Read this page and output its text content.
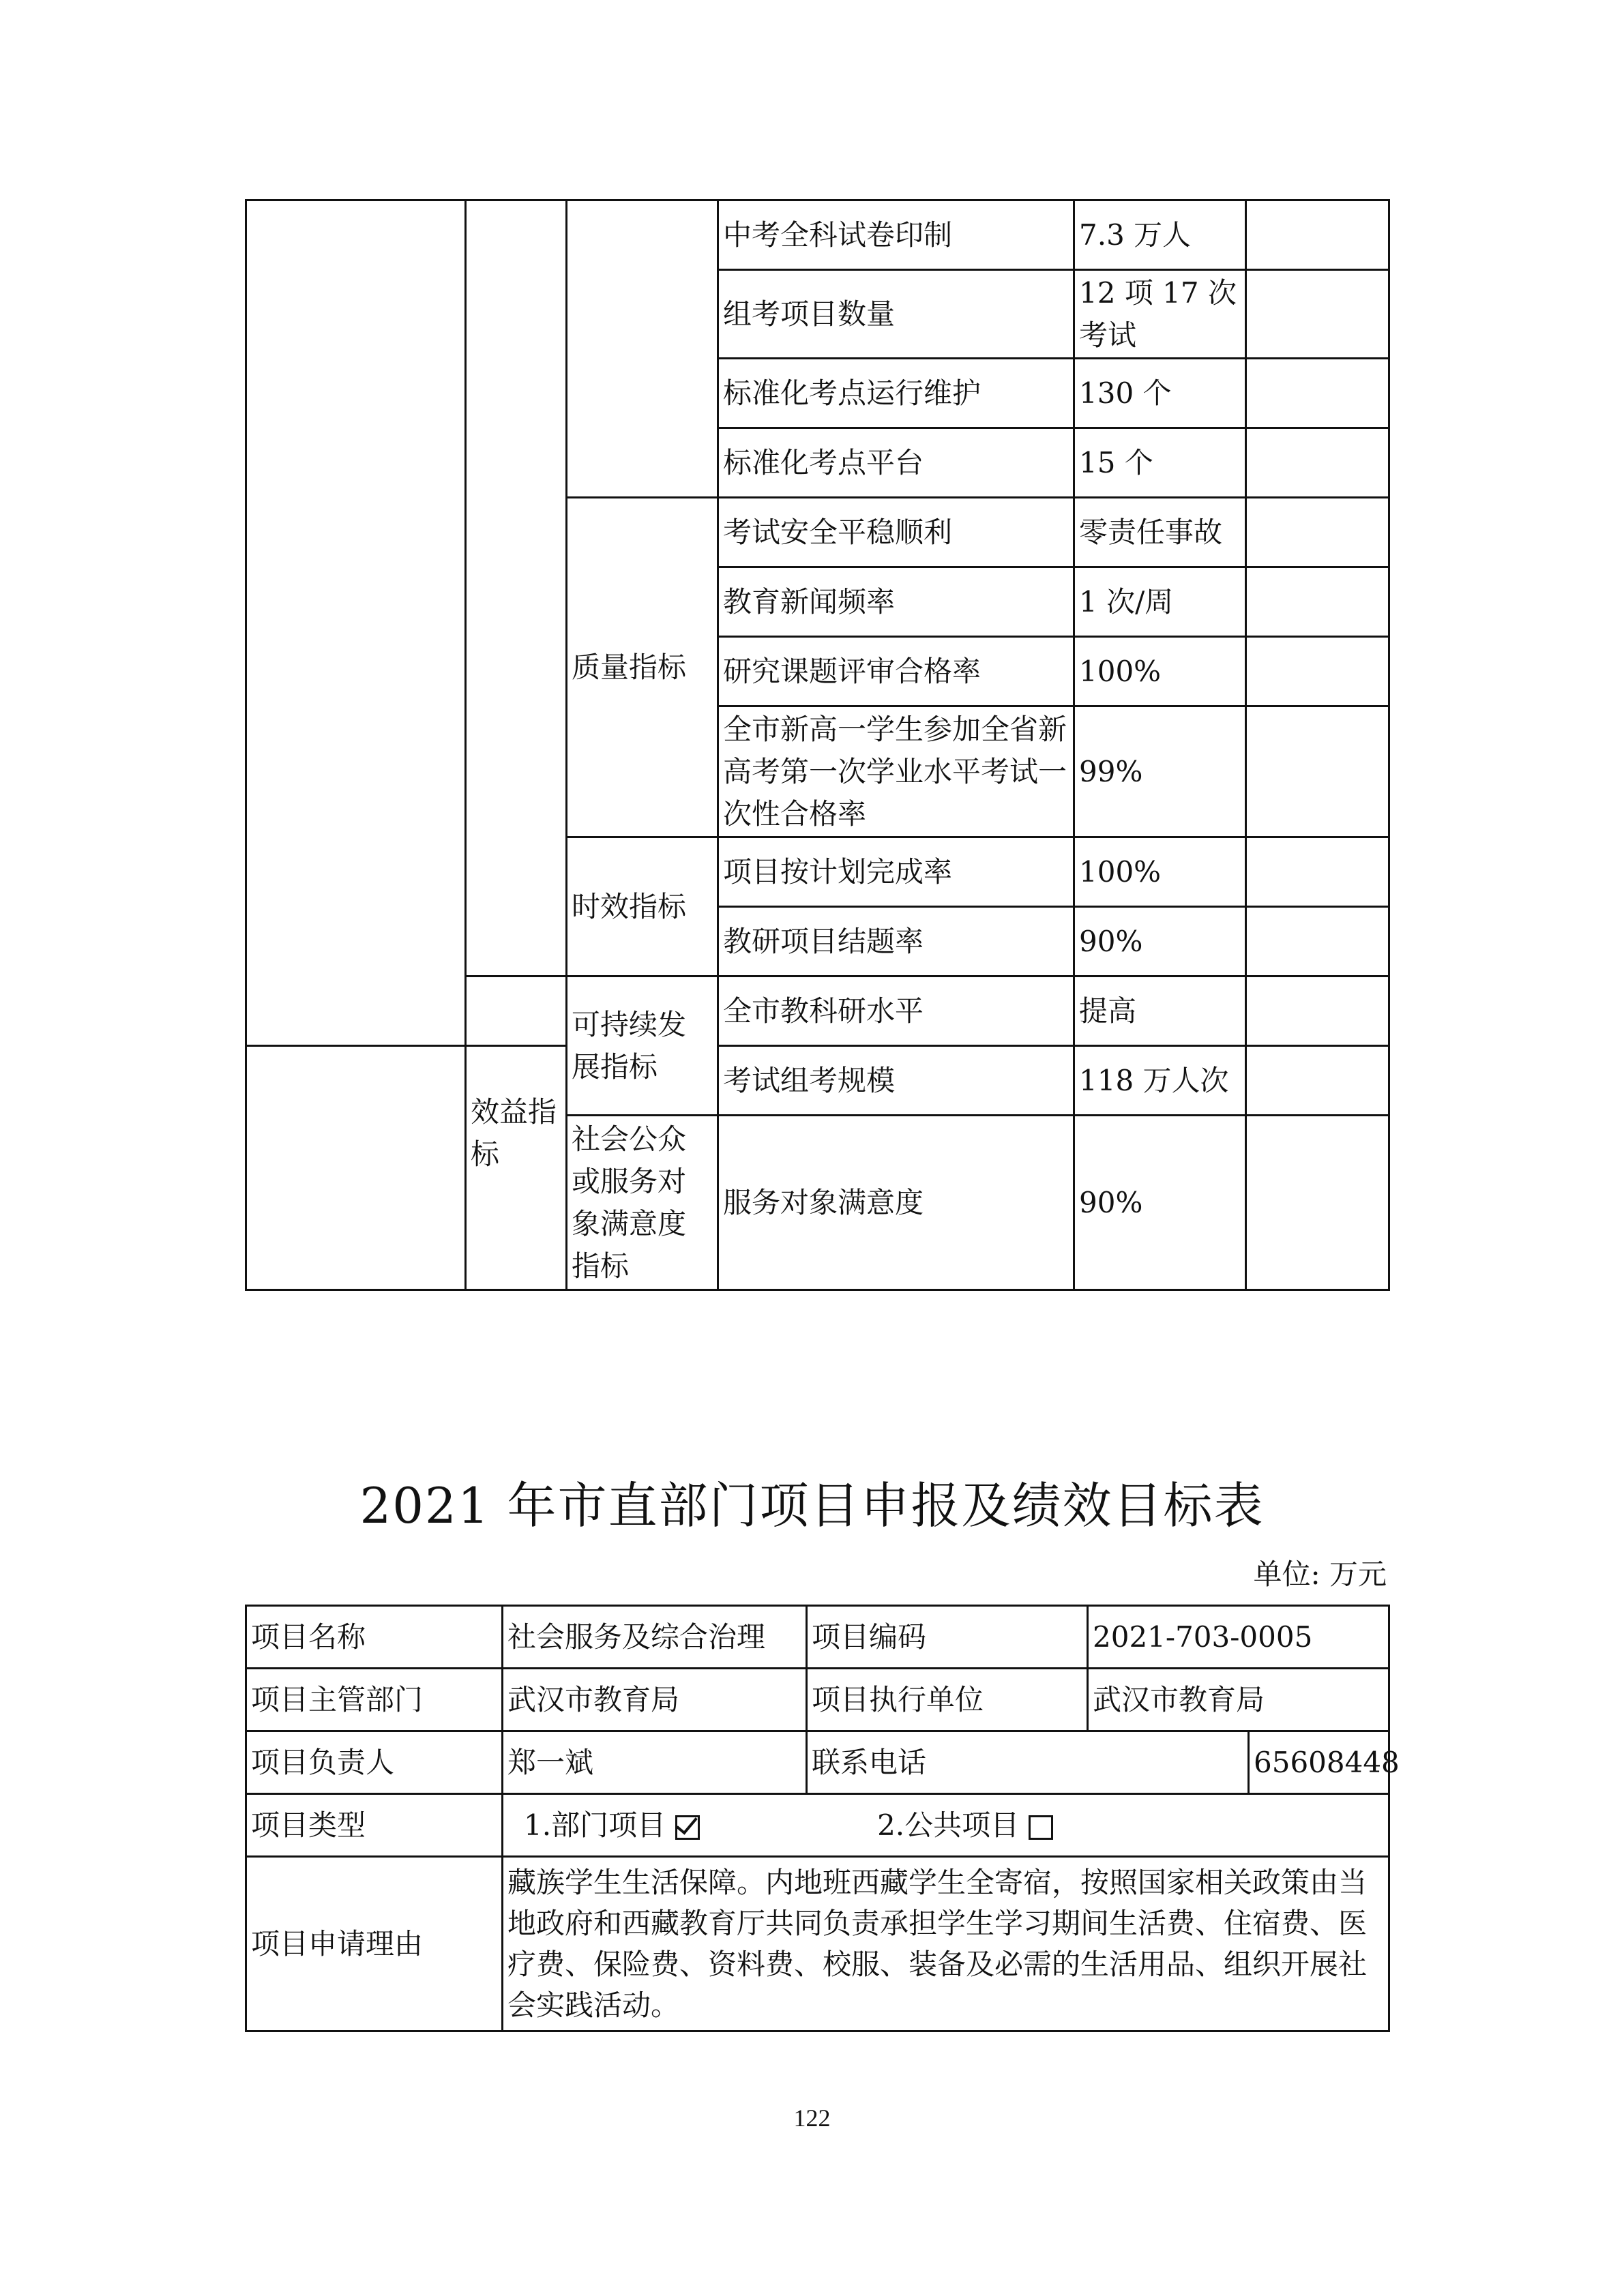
			中考全科试卷印制	7.3 万人	
			组考项目数量	12 项 17 次考试	
			标准化考点运行维护	130 个	
			标准化考点平台	15 个	
		质量指标	考试安全平稳顺利	零责任事故	
			教育新闻频率	1 次/周	
			研究课题评审合格率	100%	
			全市新高一学生参加全省新高考第一次学业水平考试一次性合格率	99%	
		时效指标	项目按计划完成率	100%	
			教研项目结题率	90%	

	效益指标	可持续发展指标	全市教科研水平	提高	
			考试组考规模	118 万人次	
		社会公众或服务对象满意度指标	服务对象满意度	90%	
2021 年市直部门项目申报及绩效目标表
单位: 万元
项目名称	社会服务及综合治理	项目编码	2021-703-0005	
项目主管部门	武汉市教育局	项目执行单位	武汉市教育局	
项目负责人	郑一斌	联系电话		65608448
项目类型	1.部门项目 2.公共项目			
项目申请理由	藏族学生生活保障。内地班西藏学生全寄宿，按照国家相关政策由当地政府和西藏教育厅共同负责承担学生学习期间生活费、住宿费、医疗费、保险费、资料费、校服、装备及必需的生活用品、组织开展社会实践活动。			
122
